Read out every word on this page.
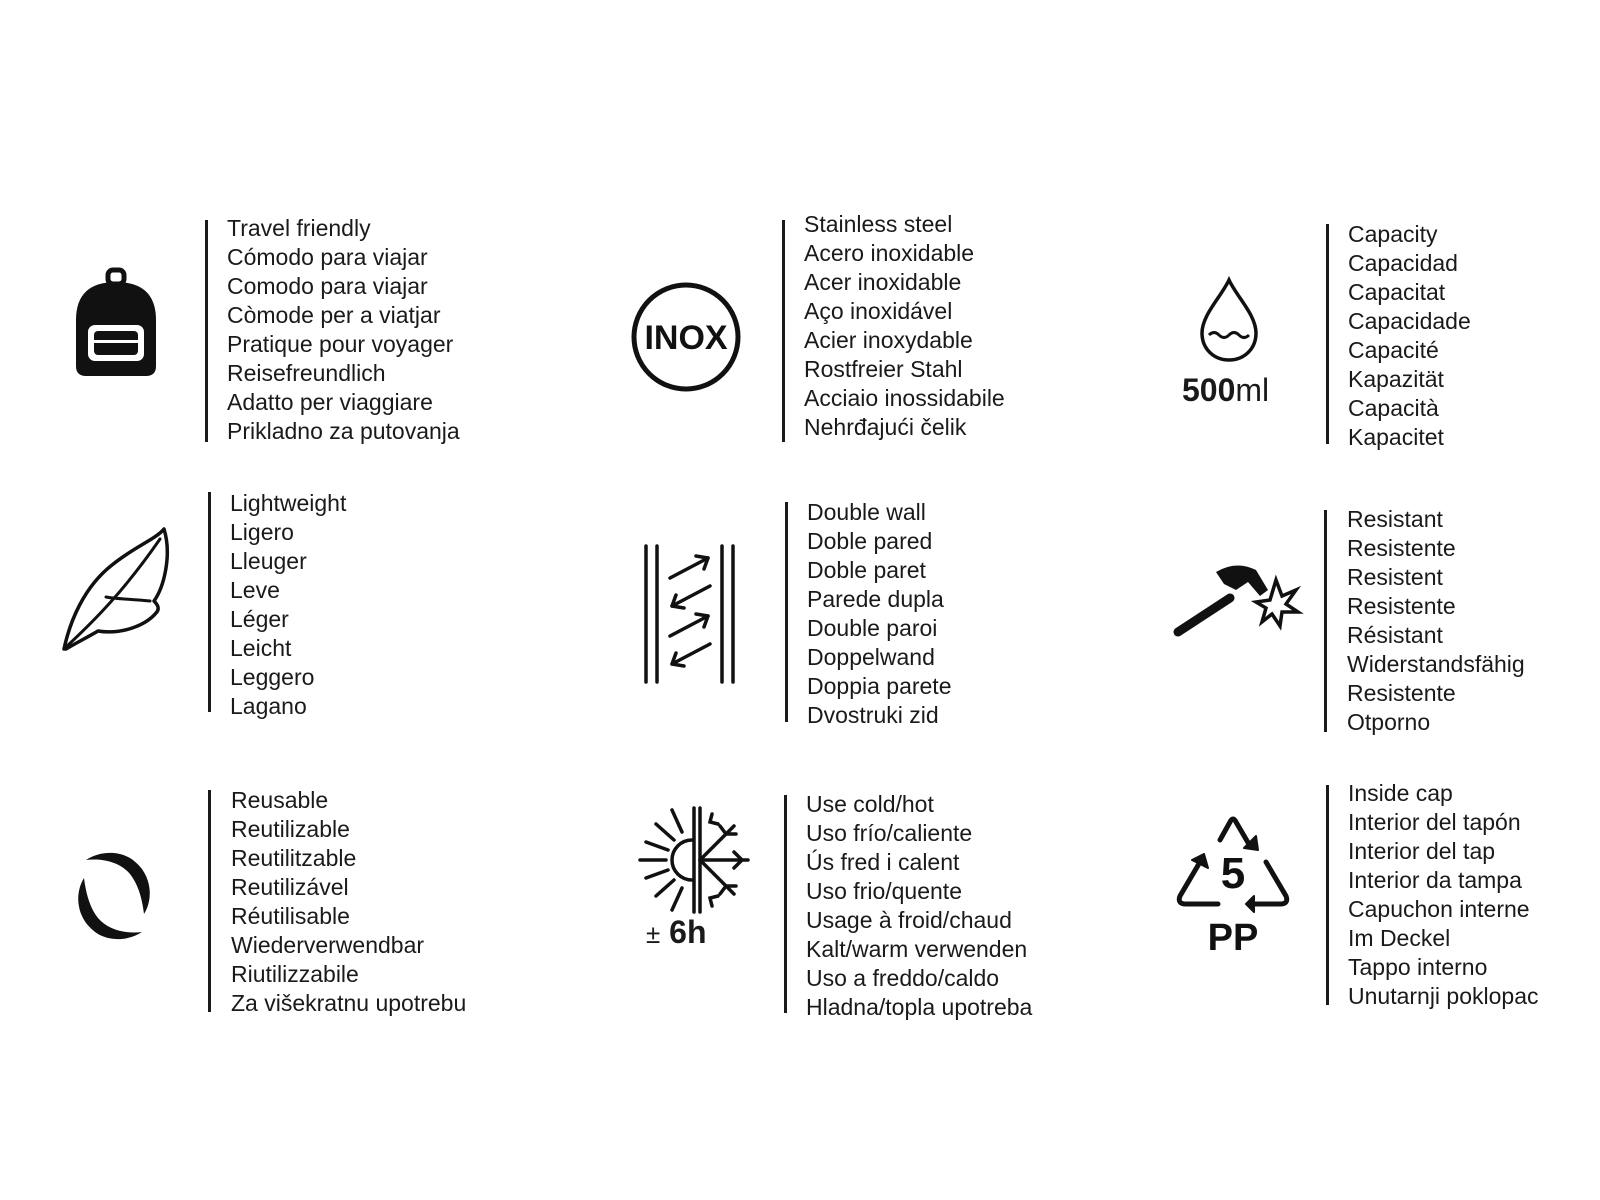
Travel friendly
Cómodo para viajar
Comodo para viajar
Còmode per a viatjar
Pratique pour voyager
Reisefreundlich
Adatto per viaggiare
Prikladno za putovanja
INOX
Stainless steel
Acero inoxidable
Acer inoxidable
Aço inoxidável
Acier inoxydable
Rostfreier Stahl
Acciaio inossidabile
Nehrđajući čelik
500ml
Capacity
Capacidad
Capacitat
Capacidade
Capacité
Kapazität
Capacità
Kapacitet
Lightweight
Ligero
Lleuger
Leve
Léger
Leicht
Leggero
Lagano
Double wall
Doble pared
Doble paret
Parede dupla
Double paroi
Doppelwand
Doppia parete
Dvostruki zid
Resistant
Resistente
Resistent
Resistente
Résistant
Widerstandsfähig
Resistente
Otporno
Reusable
Reutilizable
Reutilitzable
Reutilizável
Réutilisable
Wiederverwendbar
Riutilizzabile
Za višekratnu upotrebu
± 6h
Use cold/hot
Uso frío/caliente
Ús fred i calent
Uso frio/quente
Usage à froid/chaud
Kalt/warm verwenden
Uso a freddo/caldo
Hladna/topla upotreba
5
PP
Inside cap
Interior del tapón
Interior del tap
Interior da tampa
Capuchon interne
Im Deckel
Tappo interno
Unutarnji poklopac
